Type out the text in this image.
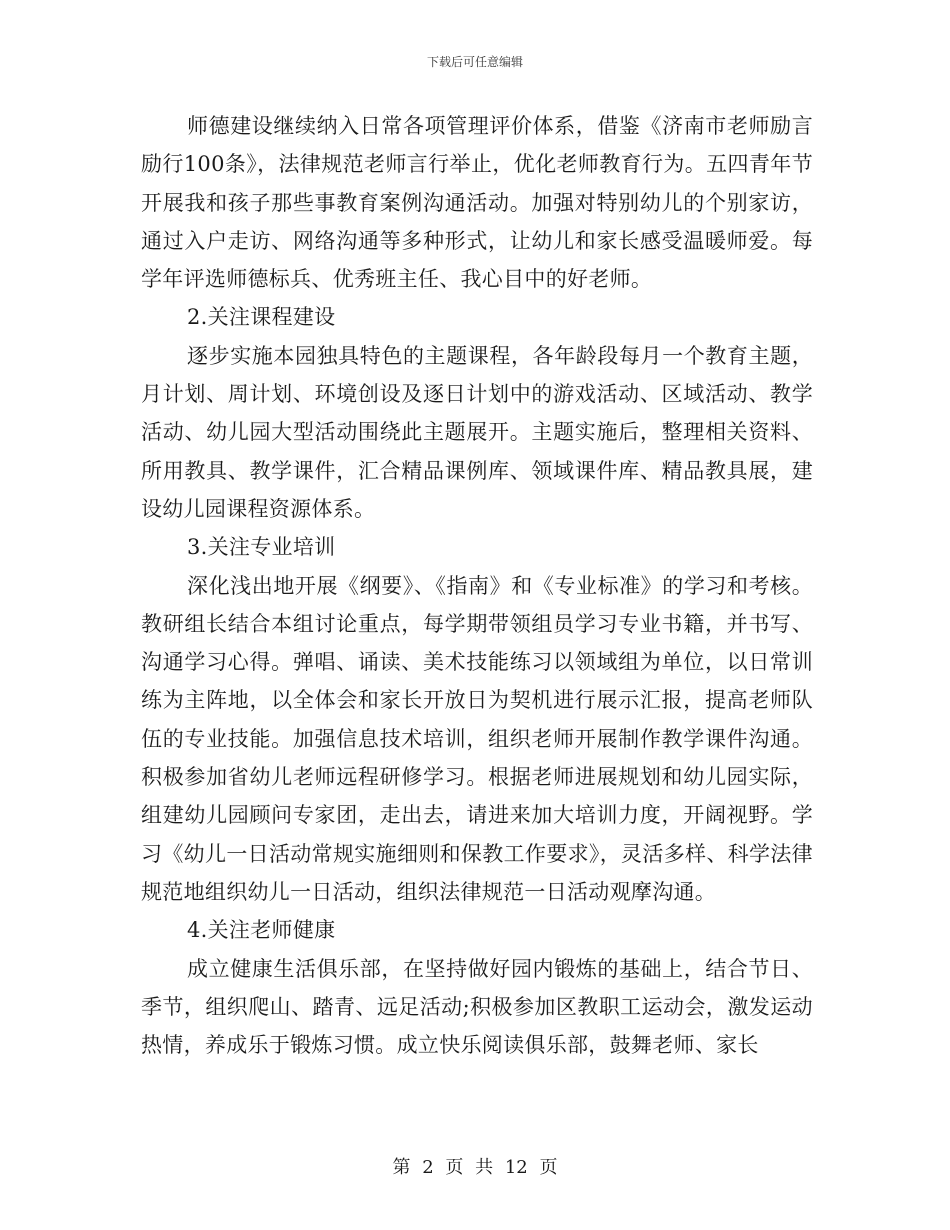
下载后可任意编辑

师德建设继续纳入日常各项管理评价体系，借鉴《济南市老师励言励行100条》，法律规范老师言行举止，优化老师教育行为。五四青年节开展我和孩子那些事教育案例沟通活动。加强对特别幼儿的个别家访，通过入户走访、网络沟通等多种形式，让幼儿和家长感受温暖师爱。每学年评选师德标兵、优秀班主任、我心目中的好老师。

2.关注课程建设

逐步实施本园独具特色的主题课程，各年龄段每月一个教育主题，月计划、周计划、环境创设及逐日计划中的游戏活动、区域活动、教学活动、幼儿园大型活动围绕此主题展开。主题实施后，整理相关资料、所用教具、教学课件，汇合精品课例库、领域课件库、精品教具展，建设幼儿园课程资源体系。

3.关注专业培训

深化浅出地开展《纲要》、《指南》和《专业标准》的学习和考核。教研组长结合本组讨论重点，每学期带领组员学习专业书籍，并书写、沟通学习心得。弹唱、诵读、美术技能练习以领域组为单位，以日常训练为主阵地，以全体会和家长开放日为契机进行展示汇报，提高老师队伍的专业技能。加强信息技术培训，组织老师开展制作教学课件沟通。积极参加省幼儿老师远程研修学习。根据老师进展规划和幼儿园实际，组建幼儿园顾问专家团，走出去，请进来加大培训力度，开阔视野。学习《幼儿一日活动常规实施细则和保教工作要求》，灵活多样、科学法律规范地组织幼儿一日活动，组织法律规范一日活动观摩沟通。

4.关注老师健康

成立健康生活俱乐部，在坚持做好园内锻炼的基础上，结合节日、季节，组织爬山、踏青、远足活动;积极参加区教职工运动会，激发运动热情，养成乐于锻炼习惯。成立快乐阅读俱乐部，鼓舞老师、家长

第 2 页 共 12 页
